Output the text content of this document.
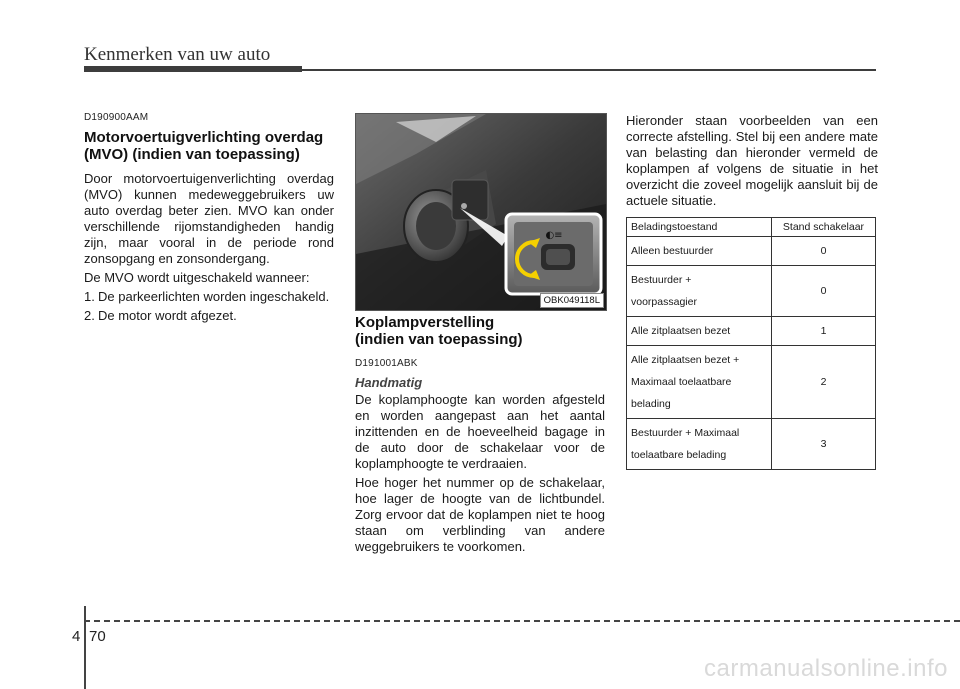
Kenmerken van uw auto
D190900AAM
Motorvoertuigverlichting overdag (MVO) (indien van toepassing)

Door motorvoertuigenverlichting overdag (MVO) kunnen medeweggebruikers uw auto overdag beter zien. MVO kan onder verschillende rijomstandigheden handig zijn, maar vooral in de periode rond zonsopgang en zonsondergang.

De MVO wordt uitgeschakeld wanneer:

1. De parkeerlichten worden ingeschakeld.
2. De motor wordt afgezet.
◐≡
OBK049118L
Koplampverstelling
(indien van toepassing)
D191001ABK
Handmatig

De koplamphoogte kan worden afgesteld en worden aangepast aan het aantal inzittenden en de hoeveelheid bagage in de auto door de schakelaar voor de koplamphoogte te verdraaien.

Hoe hoger het nummer op de schakelaar, hoe lager de hoogte van de lichtbundel. Zorg ervoor dat de koplampen niet te hoog staan om verblinding van andere weggebruikers te voorkomen.

Hieronder staan voorbeelden van een correcte afstelling. Stel bij een andere mate van belasting dan hieronder vermeld de koplampen af volgens de situatie in het overzicht die zoveel mogelijk aansluit bij de actuele situatie.

Beladingstoestand	Stand schakelaar

Alleen bestuurder	0

Bestuurder +
voorpassagier	0

Alle zitplaatsen bezet	1

Alle zitplaatsen bezet +
Maximaal toelaatbare
belading	2

Bestuurder + Maximaal
toelaatbare belading	3
4 70
carmanualsonline.info
